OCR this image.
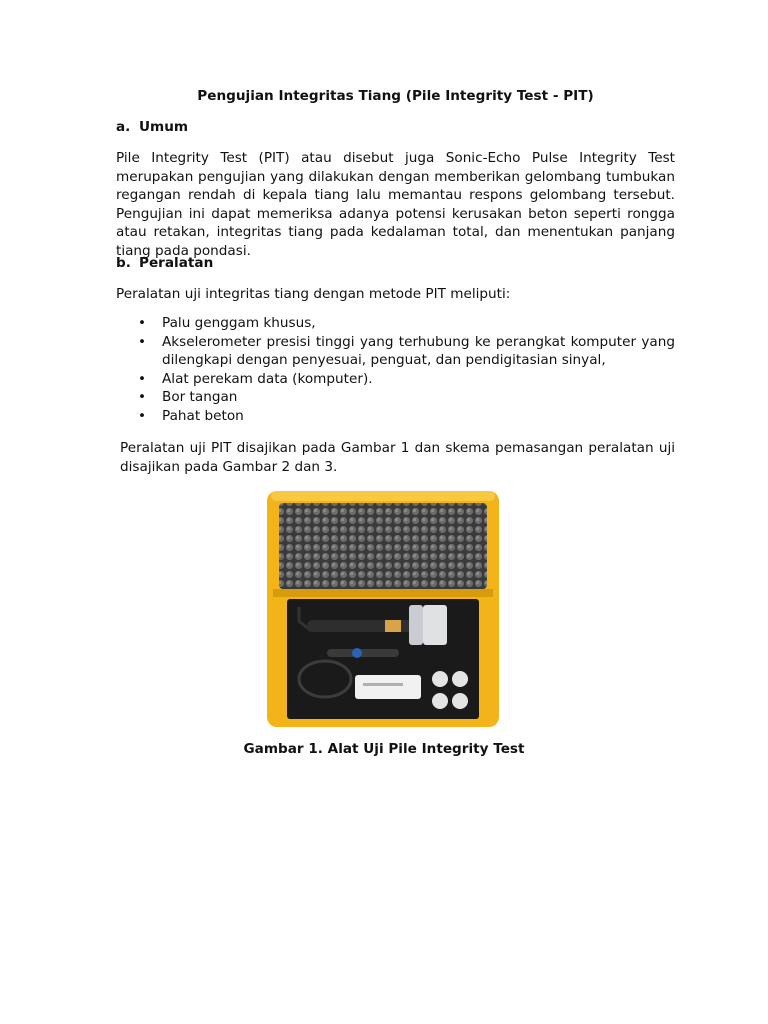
Pengujian Integritas Tiang (Pile Integrity Test - PIT)

a. Umum

Pile Integrity Test (PIT) atau disebut juga Sonic-Echo Pulse Integrity Test merupakan pengujian yang dilakukan dengan memberikan gelombang tumbukan regangan rendah di kepala tiang lalu memantau respons gelombang tersebut. Pengujian ini dapat memeriksa adanya potensi kerusakan beton seperti rongga atau retakan, integritas tiang pada kedalaman total, dan menentukan panjang tiang pada pondasi.

b. Peralatan

Peralatan uji integritas tiang dengan metode PIT meliputi:

• Palu genggam khusus,
• Akselerometer presisi tinggi yang terhubung ke perangkat komputer yang dilengkapi dengan penyesuai, penguat, dan pendigitasian sinyal,
• Alat perekam data (komputer).
• Bor tangan
• Pahat beton

Peralatan uji PIT disajikan pada Gambar 1 dan skema pemasangan peralatan uji disajikan pada Gambar 2 dan 3.

Gambar 1. Alat Uji Pile Integrity Test
